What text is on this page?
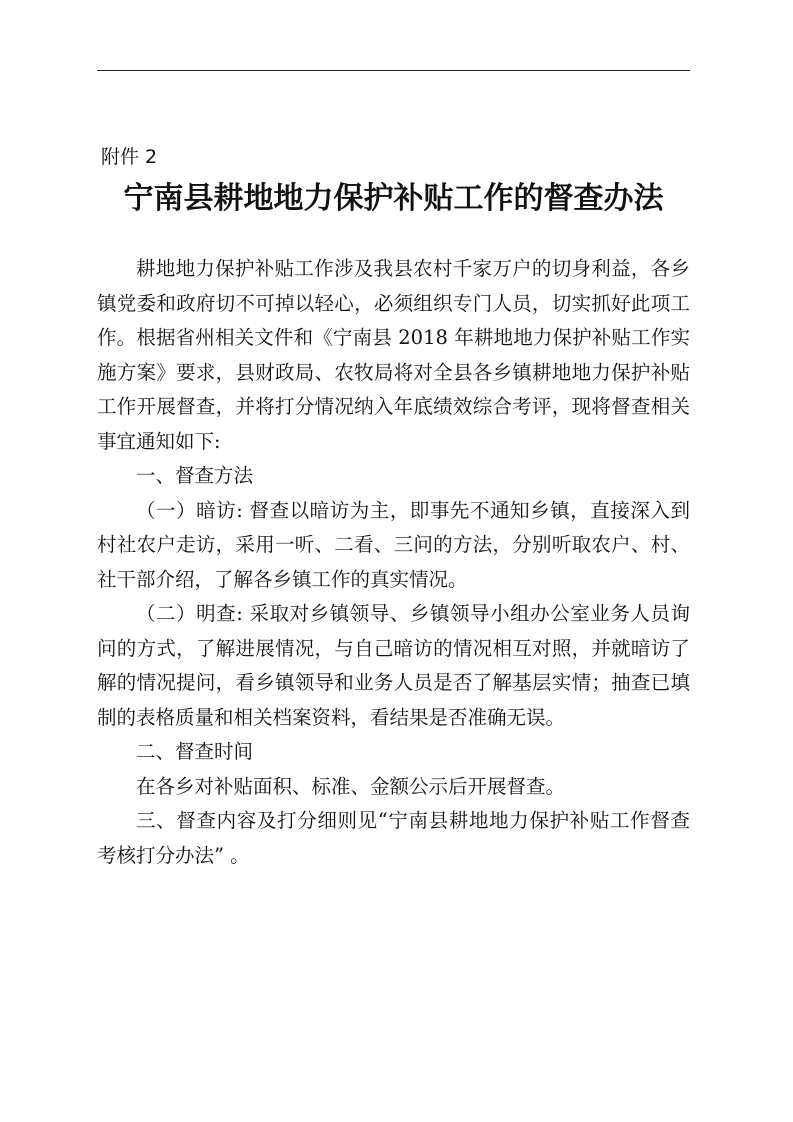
附件 2
宁南县耕地地力保护补贴工作的督查办法

耕地地力保护补贴工作涉及我县农村千家万户的切身利益，各乡镇党委和政府切不可掉以轻心，必须组织专门人员，切实抓好此项工作。根据省州相关文件和《宁南县 2018 年耕地地力保护补贴工作实施方案》要求，县财政局、农牧局将对全县各乡镇耕地地力保护补贴工作开展督查，并将打分情况纳入年底绩效综合考评，现将督查相关事宜通知如下:

一、督查方法

（一）暗访: 督查以暗访为主，即事先不通知乡镇，直接深入到村社农户走访，采用一听、二看、三问的方法，分别听取农户、村、社干部介绍，了解各乡镇工作的真实情况。

（二）明查: 采取对乡镇领导、乡镇领导小组办公室业务人员询问的方式，了解进展情况，与自己暗访的情况相互对照，并就暗访了解的情况提问，看乡镇领导和业务人员是否了解基层实情；抽查已填制的表格质量和相关档案资料，看结果是否准确无误。

二、督查时间

在各乡对补贴面积、标准、金额公示后开展督查。

三、督查内容及打分细则见“宁南县耕地地力保护补贴工作督查考核打分办法” 。
